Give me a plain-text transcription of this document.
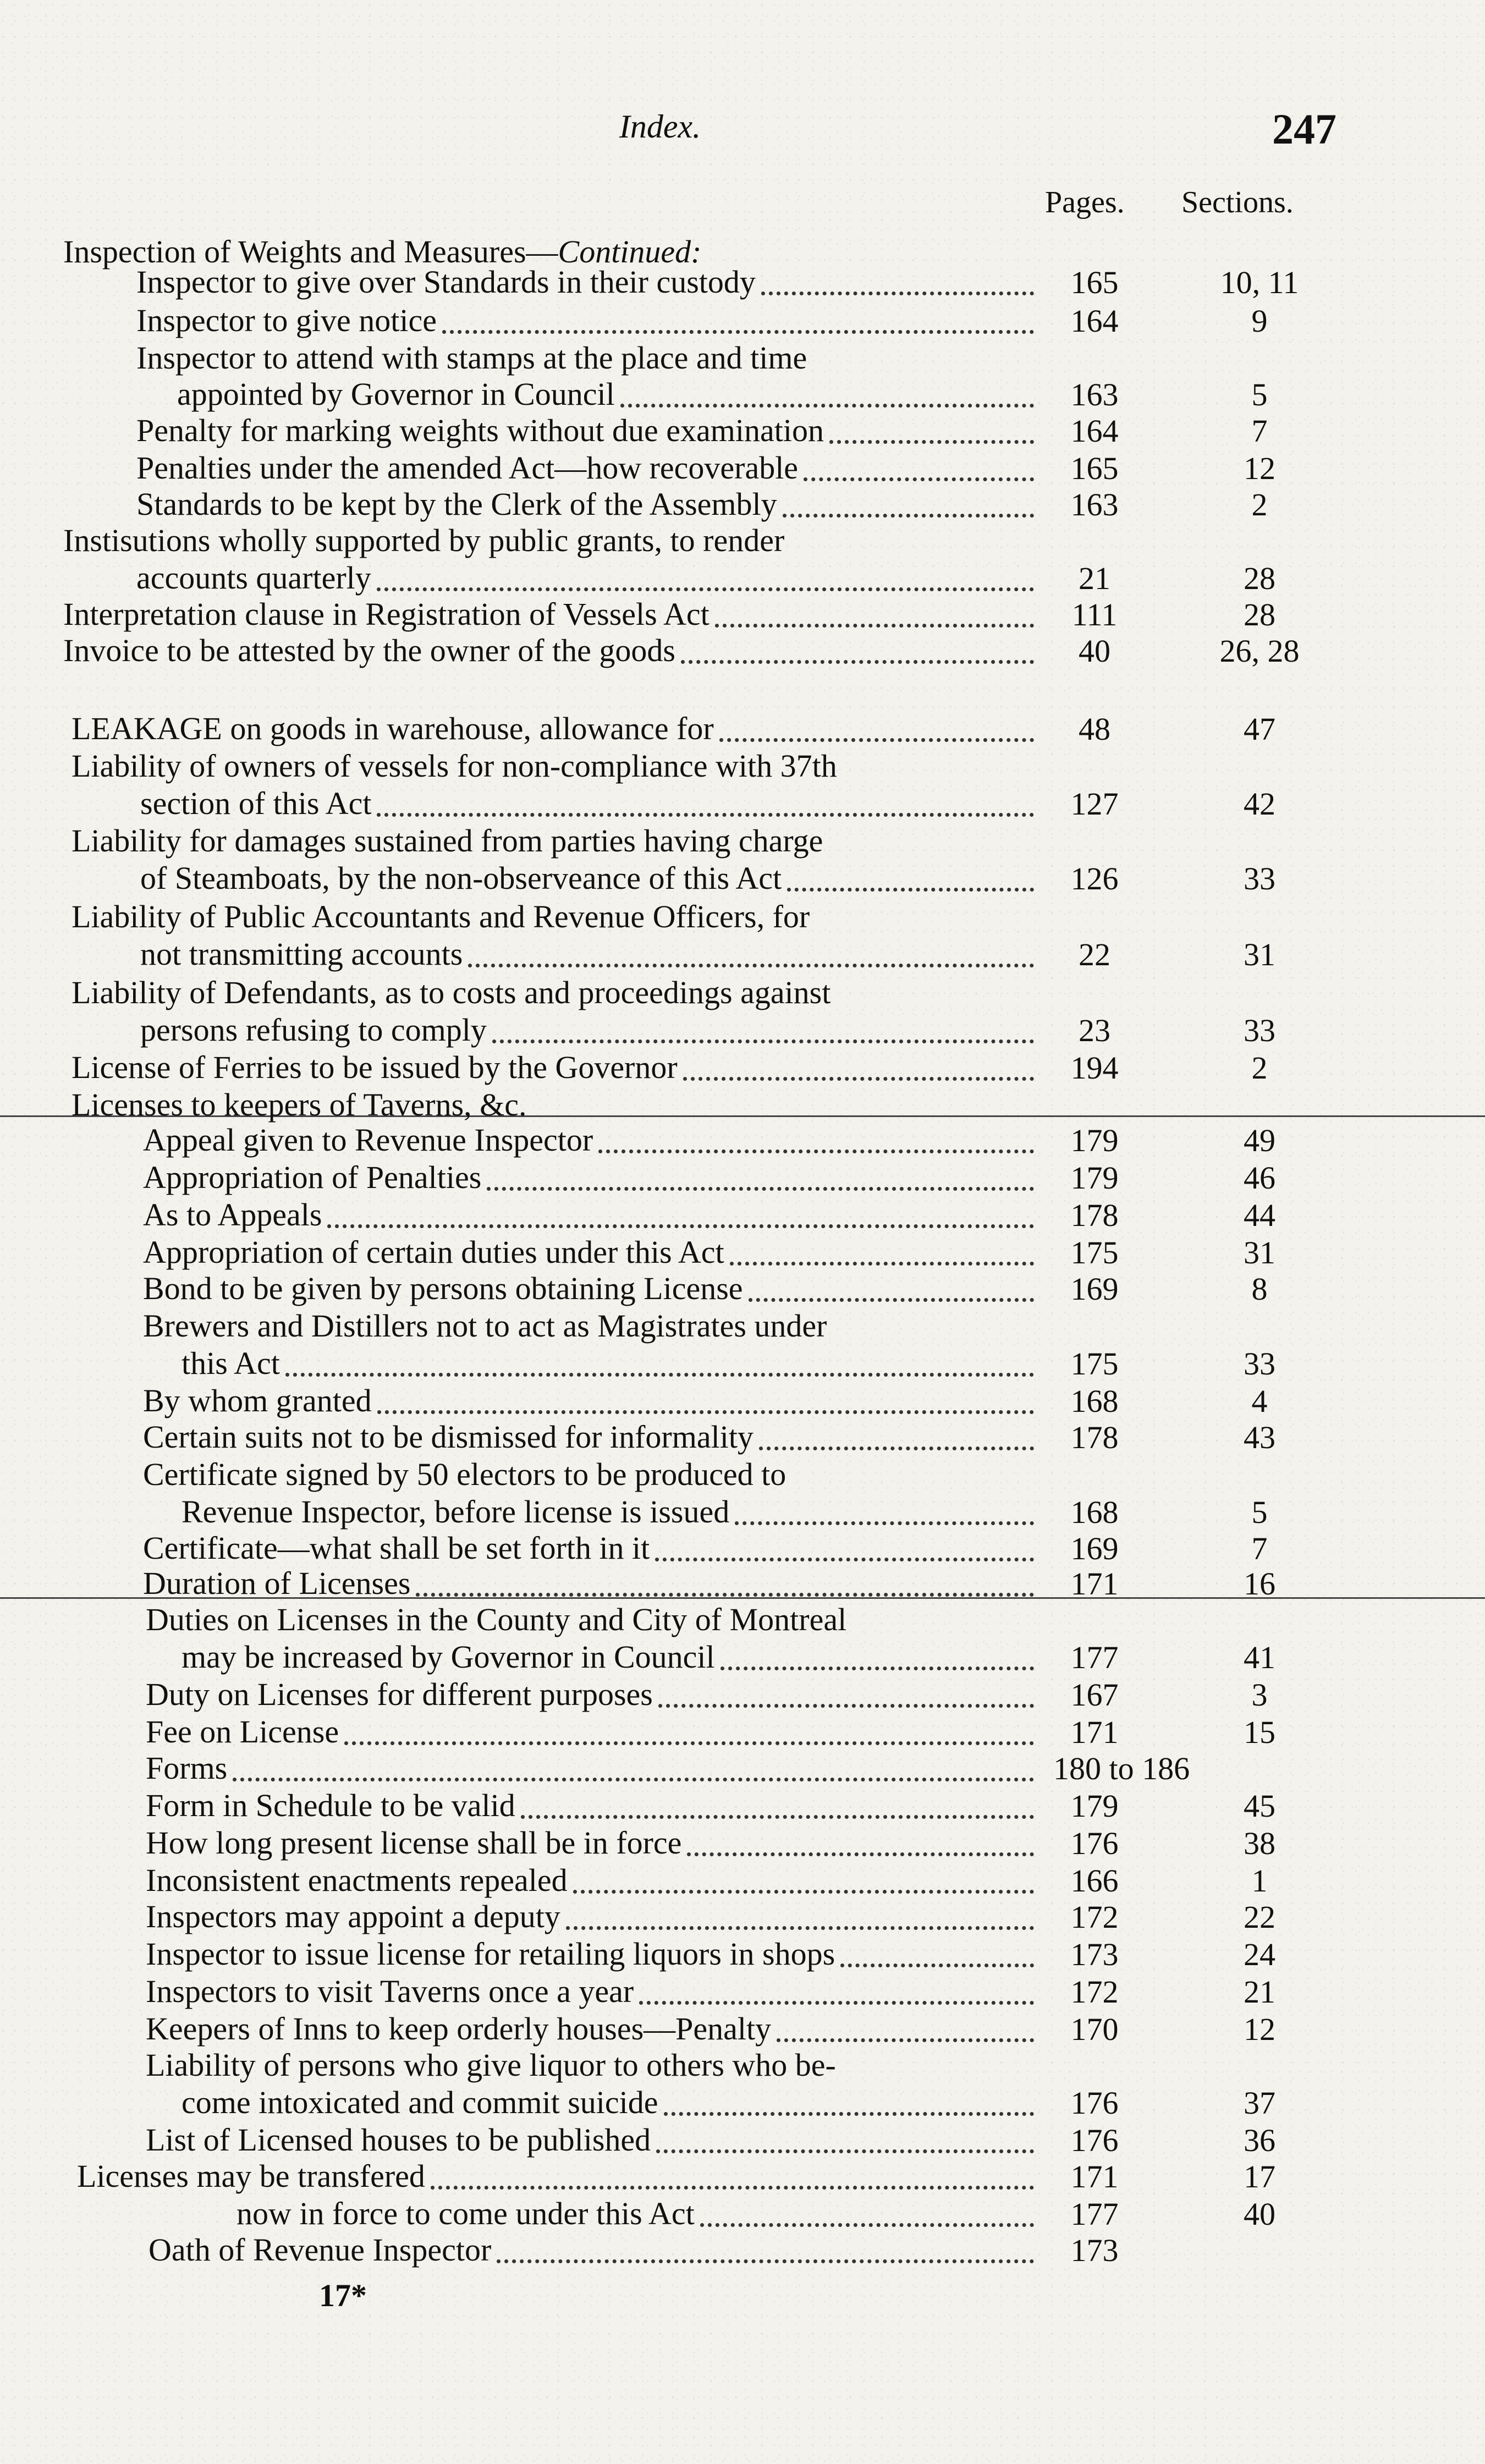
Index.	247
Pages. Sections.
17*
Inspection of Weights and Measures—Continued:
Inspector to give over Standards in their custody	165	10, 11
Inspector to give notice	164	9
Inspector to attend with stamps at the place and time
appointed by Governor in Council	163	5
Penalty for marking weights without due examination	164	7
Penalties under the amended Act—how recoverable	165	12
Standards to be kept by the Clerk of the Assembly	163	2
Instisutions wholly supported by public grants, to render
accounts quarterly	21	28
Interpretation clause in Registration of Vessels Act	111	28
Invoice to be attested by the owner of the goods	40	26, 28
LEAKAGE on goods in warehouse, allowance for	48	47
Liability of owners of vessels for non-compliance with 37th
section of this Act	127	42
Liability for damages sustained from parties having charge
of Steamboats, by the non-observeance of this Act	126	33
Liability of Public Accountants and Revenue Officers, for
not transmitting accounts	22	31
Liability of Defendants, as to costs and proceedings against
persons refusing to comply	23	33
License of Ferries to be issued by the Governor	194	2
Licenses to keepers of Taverns, &c.
Appeal given to Revenue Inspector	179	49
Appropriation of Penalties	179	46
As to Appeals	178	44
Appropriation of certain duties under this Act	175	31
Bond to be given by persons obtaining License	169	8
Brewers and Distillers not to act as Magistrates under
this Act	175	33
By whom granted	168	4
Certain suits not to be dismissed for informality	178	43
Certificate signed by 50 electors to be produced to
Revenue Inspector, before license is issued	168	5
Certificate—what shall be set forth in it	169	7
Duration of Licenses	171	16
Duties on Licenses in the County and City of Montreal
may be increased by Governor in Council	177	41
Duty on Licenses for different purposes	167	3
Fee on License	171	15
Forms	180 to 186
Form in Schedule to be valid	179	45
How long present license shall be in force	176	38
Inconsistent enactments repealed	166	1
Inspectors may appoint a deputy	172	22
Inspector to issue license for retailing liquors in shops	173	24
Inspectors to visit Taverns once a year	172	21
Keepers of Inns to keep orderly houses—Penalty	170	12
Liability of persons who give liquor to others who be-
come intoxicated and commit suicide	176	37
List of Licensed houses to be published	176	36
Licenses may be transfered	171	17
now in force to come under this Act	177	40
Oath of Revenue Inspector	173
